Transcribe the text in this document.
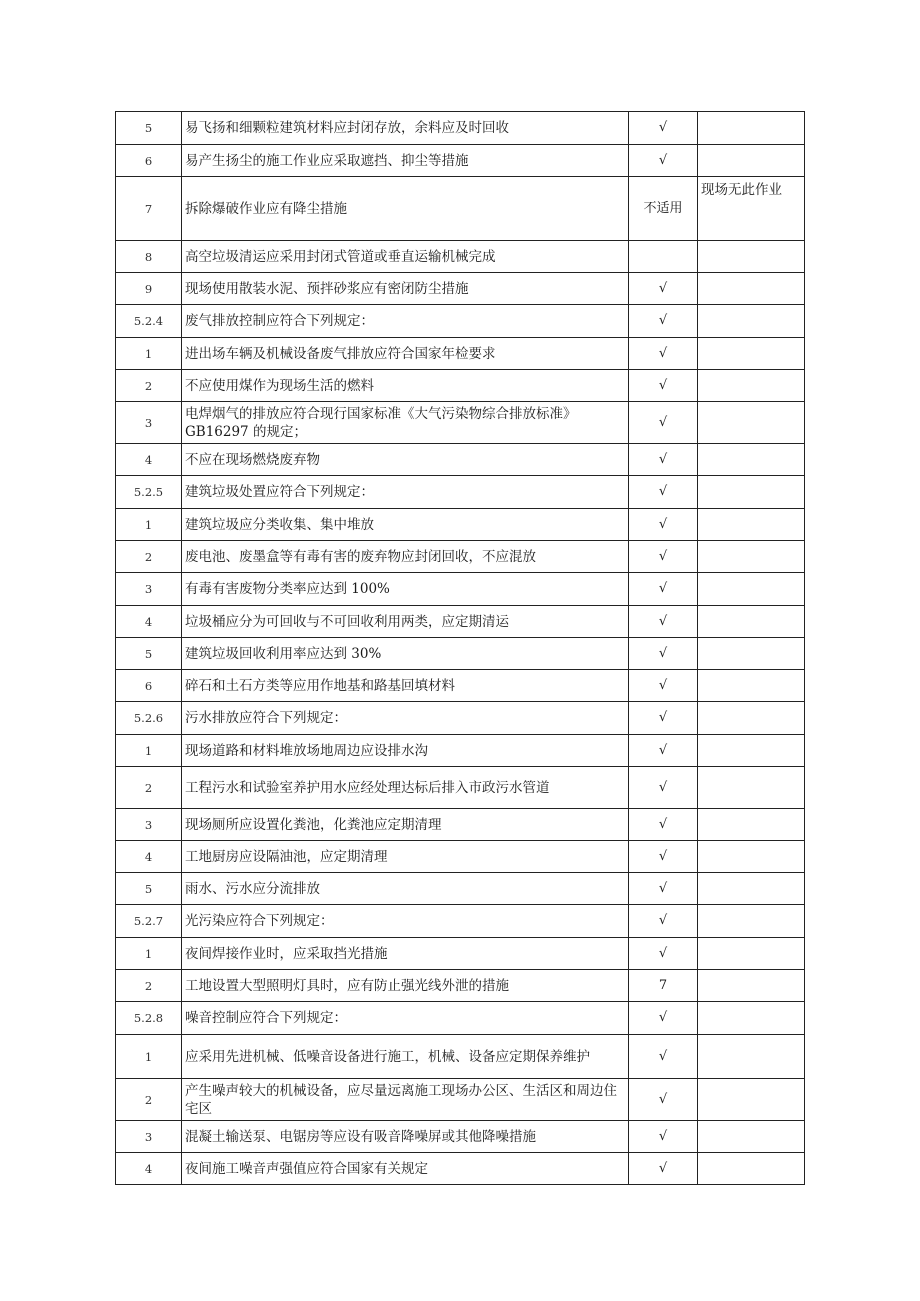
5	易飞扬和细颗粒建筑材料应封闭存放，余料应及时回收	√	
6	易产生扬尘的施工作业应采取遮挡、抑尘等措施	√	
7	拆除爆破作业应有降尘措施	不适用	现场无此作业
8	高空垃圾清运应采用封闭式管道或垂直运输机械完成		
9	现场使用散装水泥、预拌砂浆应有密闭防尘措施	√	
5.2.4	废气排放控制应符合下列规定：	√	
1	进出场车辆及机械设备废气排放应符合国家年检要求	√	
2	不应使用煤作为现场生活的燃料	√	
3	电焊烟气的排放应符合现行国家标准《大气污染物综合排放标准》GB16297 的规定；	√	
4	不应在现场燃烧废弃物	√	
5.2.5	建筑垃圾处置应符合下列规定：	√	
1	建筑垃圾应分类收集、集中堆放	√	
2	废电池、废墨盒等有毒有害的废弃物应封闭回收，不应混放	√	
3	有毒有害废物分类率应达到 100%	√	
4	垃圾桶应分为可回收与不可回收利用两类，应定期清运	√	
5	建筑垃圾回收利用率应达到 30%	√	
6	碎石和土石方类等应用作地基和路基回填材料	√	
5.2.6	污水排放应符合下列规定：	√	
1	现场道路和材料堆放场地周边应设排水沟	√	
2	工程污水和试验室养护用水应经处理达标后排入市政污水管道	√	
3	现场厕所应设置化粪池，化粪池应定期清理	√	
4	工地厨房应设隔油池，应定期清理	√	
5	雨水、污水应分流排放	√	
5.2.7	光污染应符合下列规定：	√	
1	夜间焊接作业时，应采取挡光措施	√	
2	工地设置大型照明灯具时，应有防止强光线外泄的措施	7	
5.2.8	噪音控制应符合下列规定：	√	
1	应采用先进机械、低噪音设备进行施工，机械、设备应定期保养维护	√	
2	产生噪声较大的机械设备，应尽量远离施工现场办公区、生活区和周边住宅区	√	
3	混凝土输送泵、电锯房等应设有吸音降噪屏或其他降噪措施	√	
4	夜间施工噪音声强值应符合国家有关规定	√	
